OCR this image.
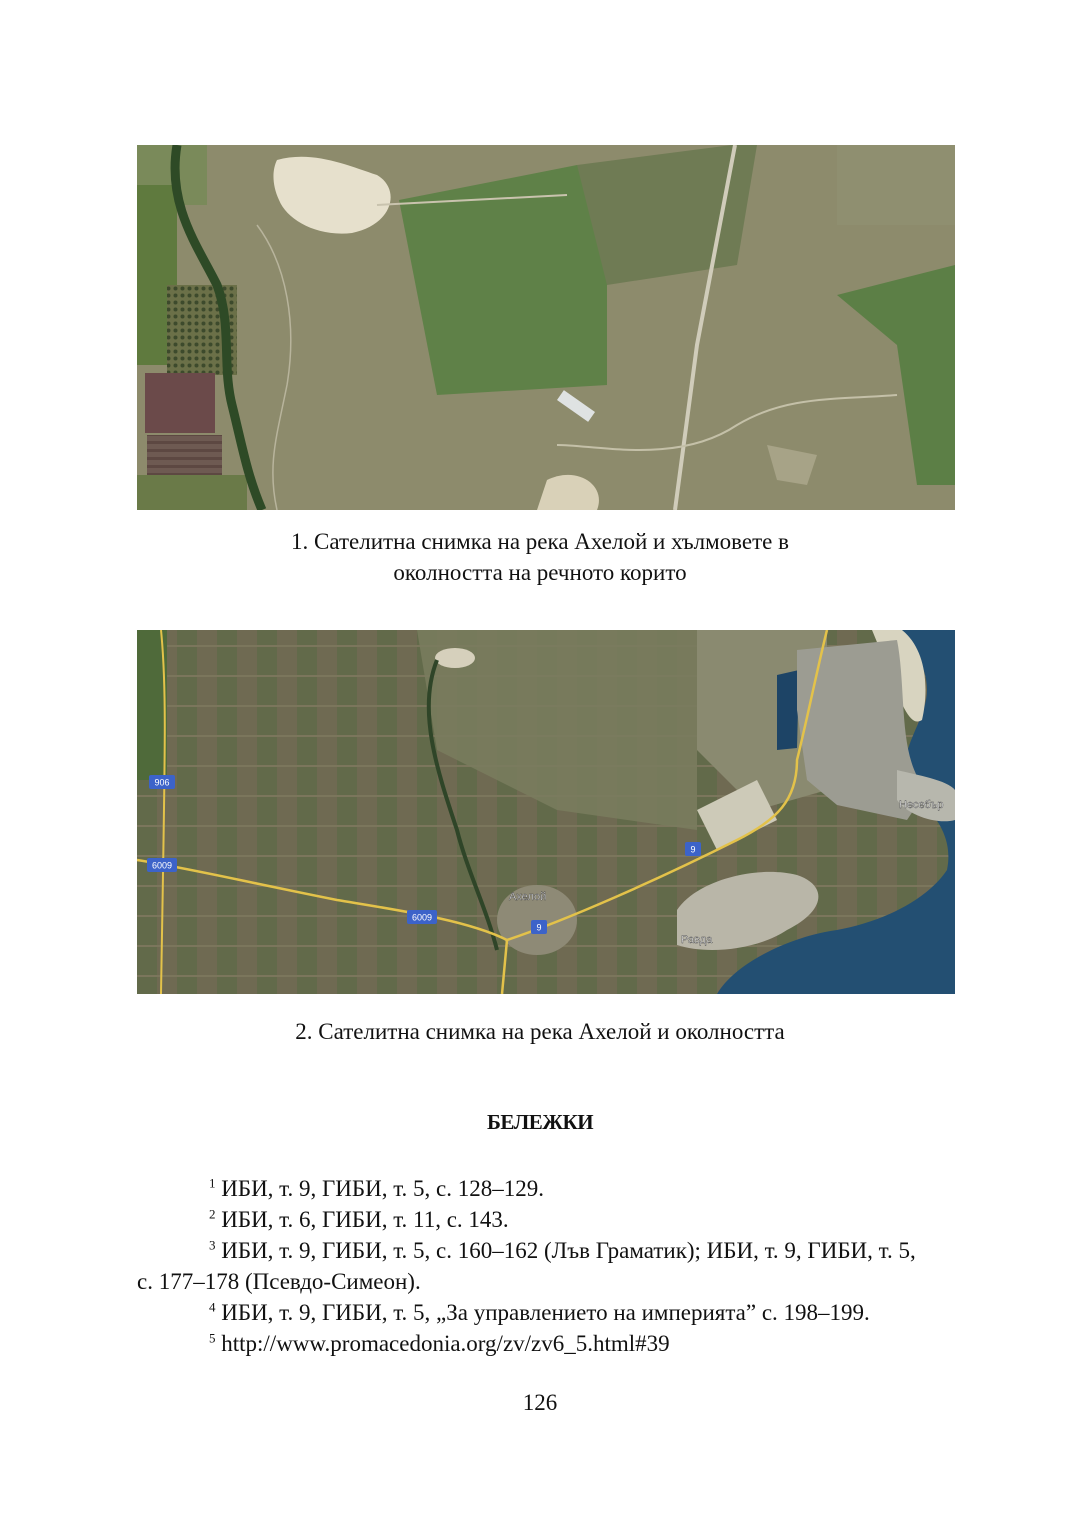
1. Сателитна снимка на река Ахелой и хълмовете в
околността на речното корито
906
6009
6009
9
9
Ахелой
Равда
Несебър
2. Сателитна снимка на река Ахелой и околността
БЕЛЕЖКИ
$^1$ ИБИ, т. 9, ГИБИ, т. 5, с. 128–129.
$^2$ ИБИ, т. 6, ГИБИ, т. 11, с. 143.
$^3$ ИБИ, т. 9, ГИБИ, т. 5, с. 160–162 (Лъв Граматик); ИБИ, т. 9, ГИБИ, т. 5,
с. 177–178 (Псевдо-Симеон).
$^4$ ИБИ, т. 9, ГИБИ, т. 5, „За управлението на империята” с. 198–199.
$^5$ http://www.promacedonia.org/zv/zv6_5.html#39
126
